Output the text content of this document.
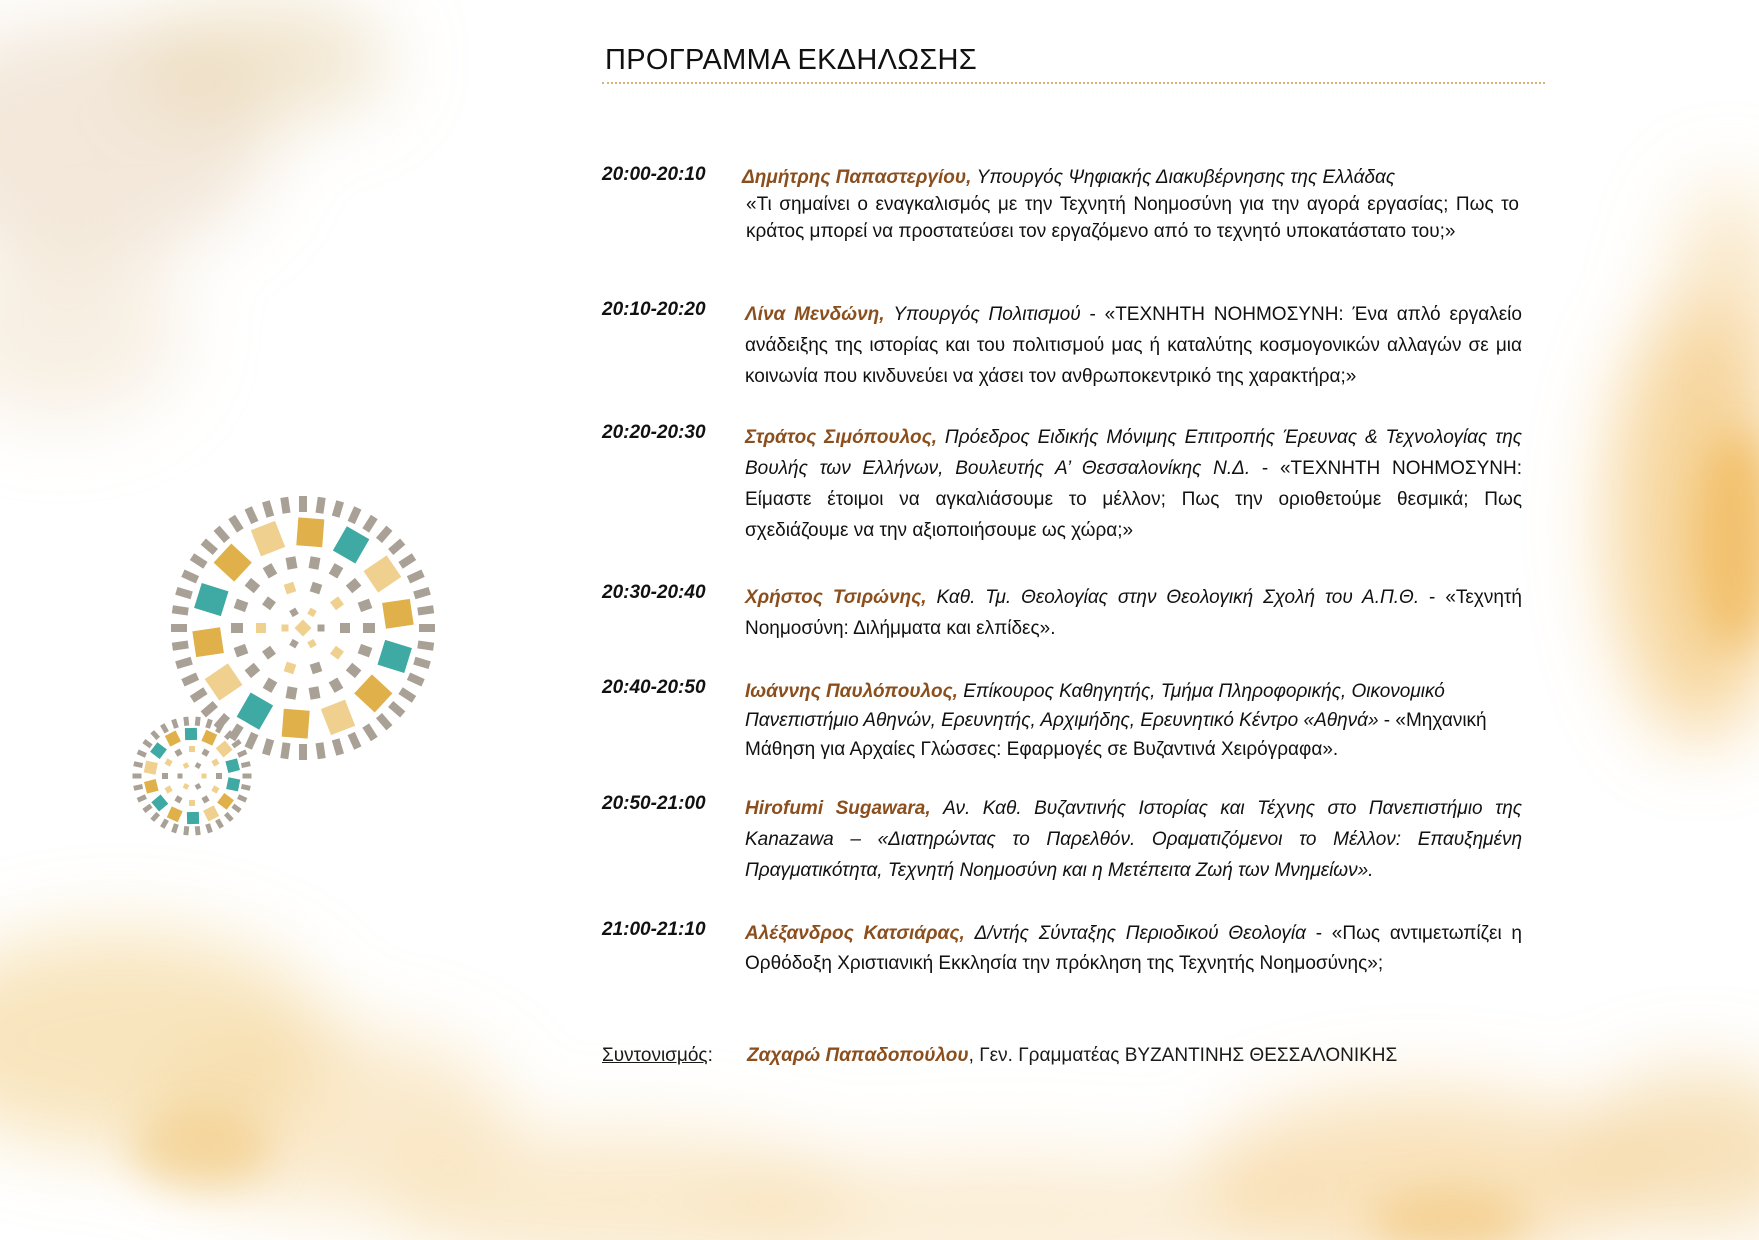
ΠΡΟΓΡΑΜΜΑ ΕΚΔΗΛΩΣΗΣ
20:00-20:10	Δημήτρης Παπαστεργίου, Υπουργός Ψηφιακής Διακυβέρνησης της Ελλάδας

«Τι σημαίνει ο εναγκαλισμός με την Τεχνητή Νοημοσύνη για την αγορά εργασίας; Πως το κράτος μπορεί να προστατεύσει τον εργαζόμενο από το τεχνητό υποκατάστατο του;»
20:10-20:20	Λίνα Μενδώνη, Υπουργός Πολιτισμού - «ΤΕΧΝΗΤΗ ΝΟΗΜΟΣΥΝΗ: Ένα απλό εργαλείο ανάδειξης της ιστορίας και του πολιτισμού μας ή καταλύτης κοσμογονικών αλλαγών σε μια κοινωνία που κινδυνεύει να χάσει τον ανθρωποκεντρικό της χαρακτήρα;»
20:20-20:30	Στράτος Σιμόπουλος, Πρόεδρος Ειδικής Μόνιμης Επιτροπής Έρευνας & Τεχνολογίας της Βουλής των Ελλήνων, Βουλευτής Α’ Θεσσαλονίκης Ν.Δ. - «ΤΕΧΝΗΤΗ ΝΟΗΜΟΣΥΝΗ: Είμαστε έτοιμοι να αγκαλιάσουμε το μέλλον; Πως την οριοθετούμε θεσμικά; Πως σχεδιάζουμε να την αξιοποιήσουμε ως χώρα;»
20:30-20:40	Χρήστος Τσιρώνης, Καθ. Τμ. Θεολογίας στην Θεολογική Σχολή του Α.Π.Θ. - «Τεχνητή Νοημοσύνη: Διλήμματα και ελπίδες».
20:40-20:50	Ιωάννης Παυλόπουλος, Επίκουρος Καθηγητής, Τμήμα Πληροφορικής, Οικονομικό Πανεπιστήμιο Αθηνών, Ερευνητής, Αρχιμήδης, Ερευνητικό Κέντρο «Αθηνά» - «Μηχανική Μάθηση για Αρχαίες Γλώσσες: Εφαρμογές σε Βυζαντινά Χειρόγραφα».
20:50-21:00	Hirofumi Sugawara, Αν. Καθ. Βυζαντινής Ιστορίας και Τέχνης στο Πανεπιστήμιο της Kanazawa – «Διατηρώντας το Παρελθόν. Οραματιζόμενοι το Μέλλον: Επαυξημένη Πραγματικότητα, Τεχνητή Νοημοσύνη και η Μετέπειτα Ζωή των Μνημείων».
21:00-21:10	Αλέξανδρος Κατσιάρας, Δ/ντής Σύνταξης Περιοδικού Θεολογία - «Πως αντιμετωπίζει η Ορθόδοξη Χριστιανική Εκκλησία την πρόκληση της Τεχνητής Νοημοσύνης»;
Συντονισμός: Ζαχαρώ Παπαδοπούλου, Γεν. Γραμματέας ΒΥΖΑΝΤΙΝΗΣ ΘΕΣΣΑΛΟΝΙΚΗΣ
